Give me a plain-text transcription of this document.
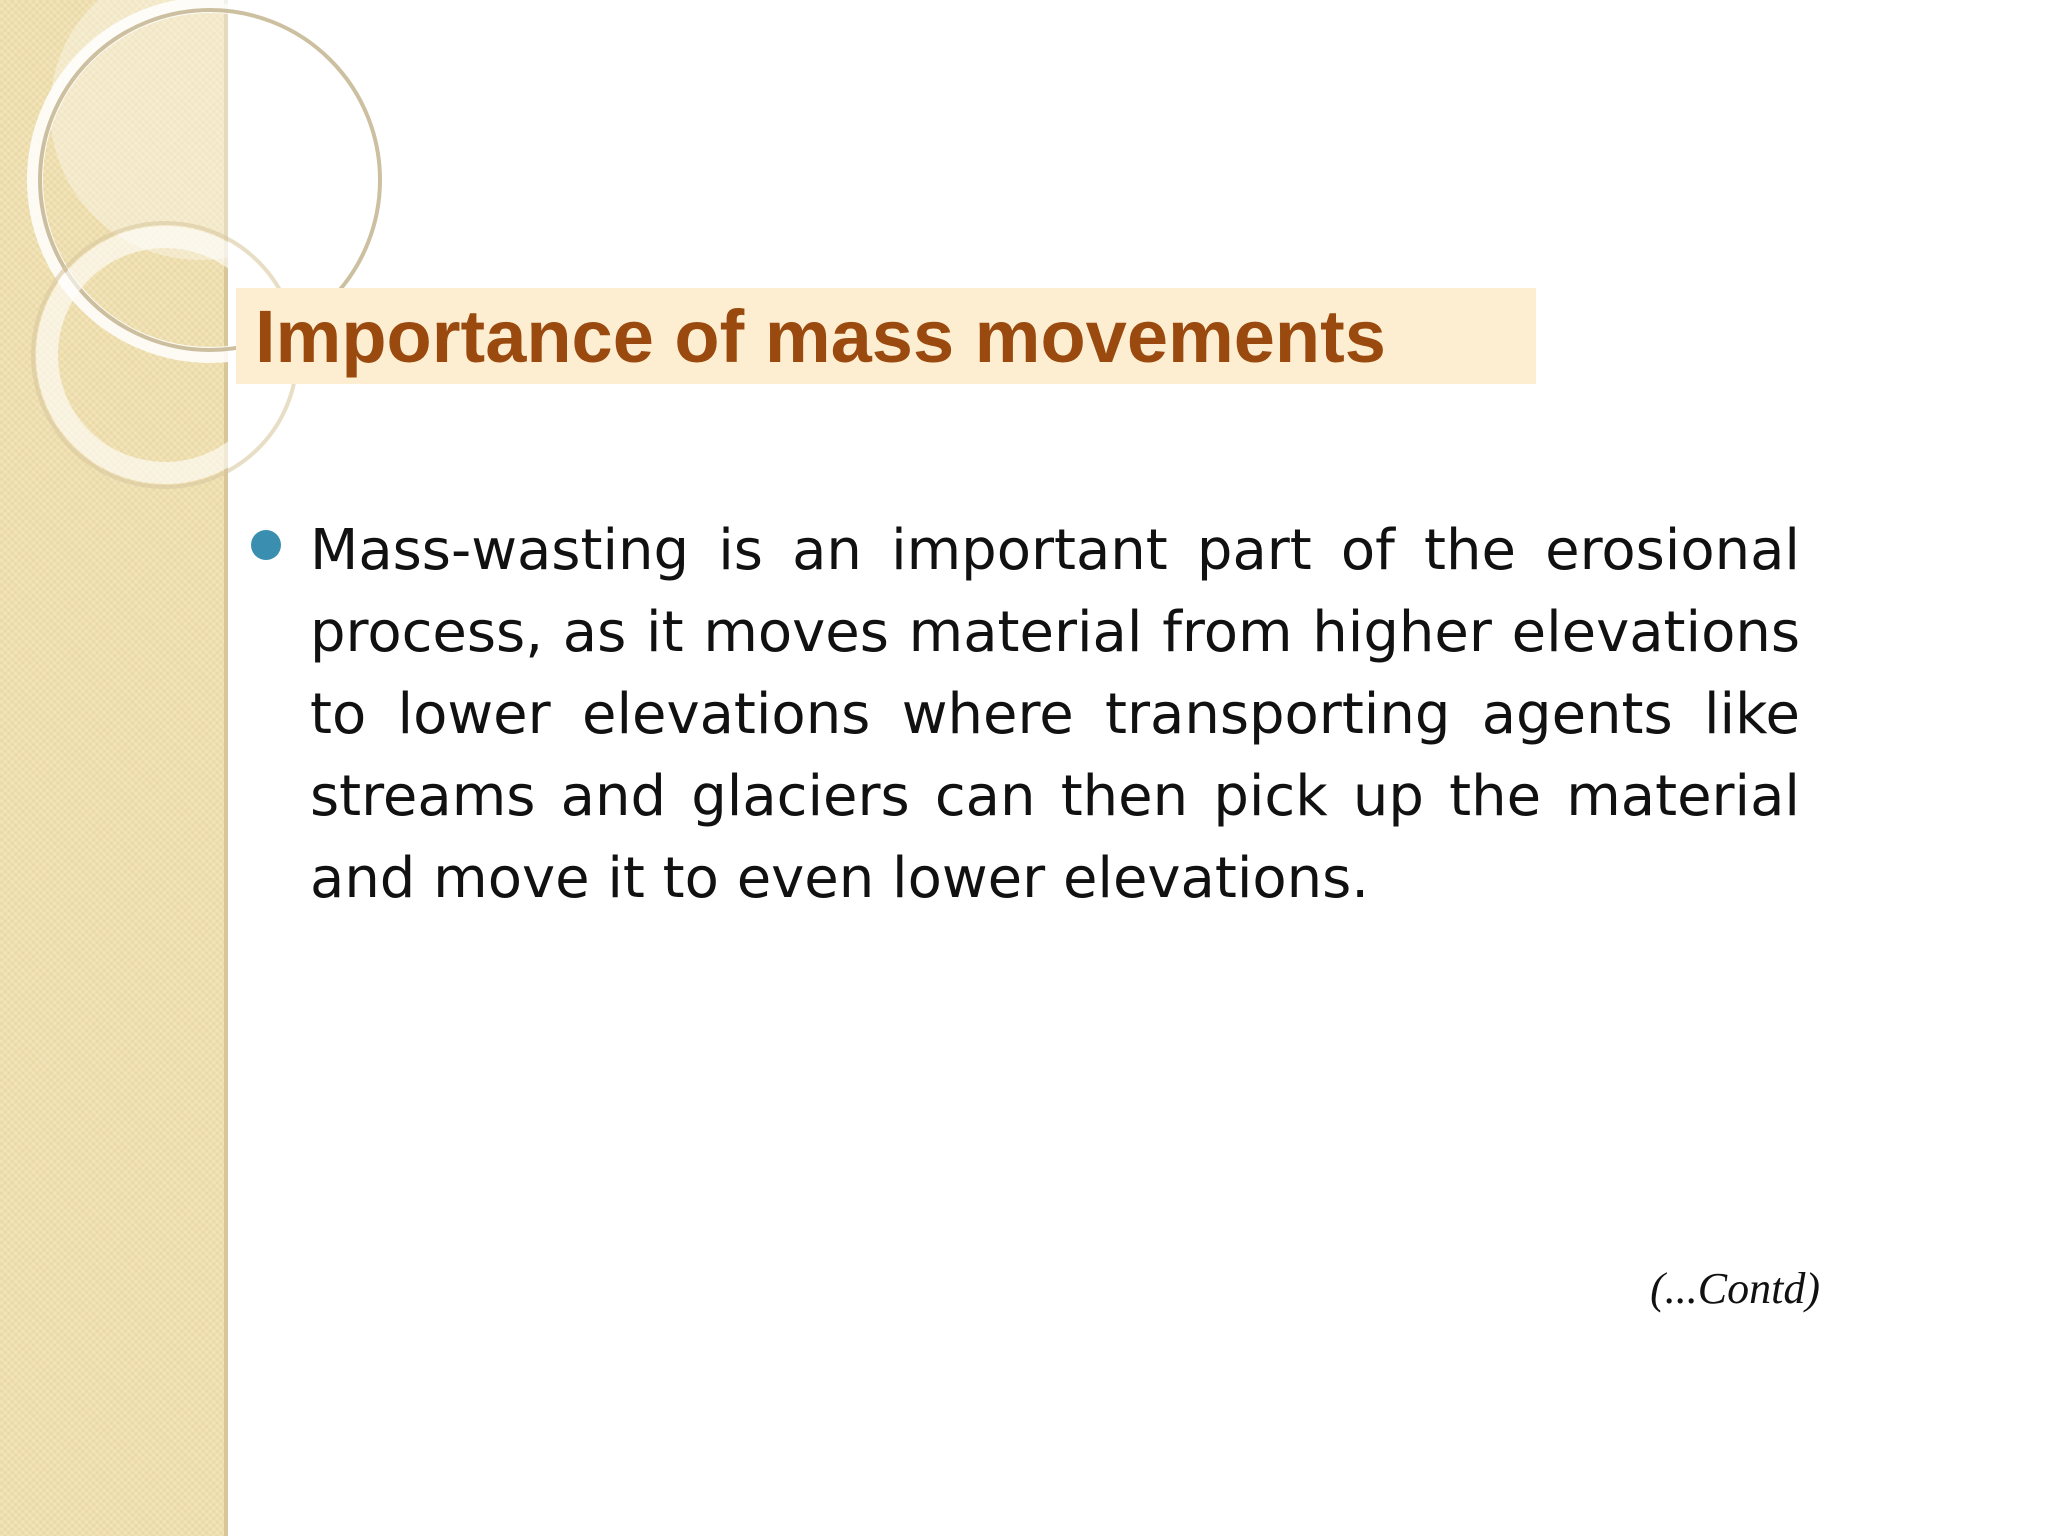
Importance of mass movements

Mass-wasting is an important part of the erosional process, as it moves material from higher elevations to lower elevations where transporting agents like streams and glaciers can then pick up the material and move it to even lower elevations.

(...Contd)
